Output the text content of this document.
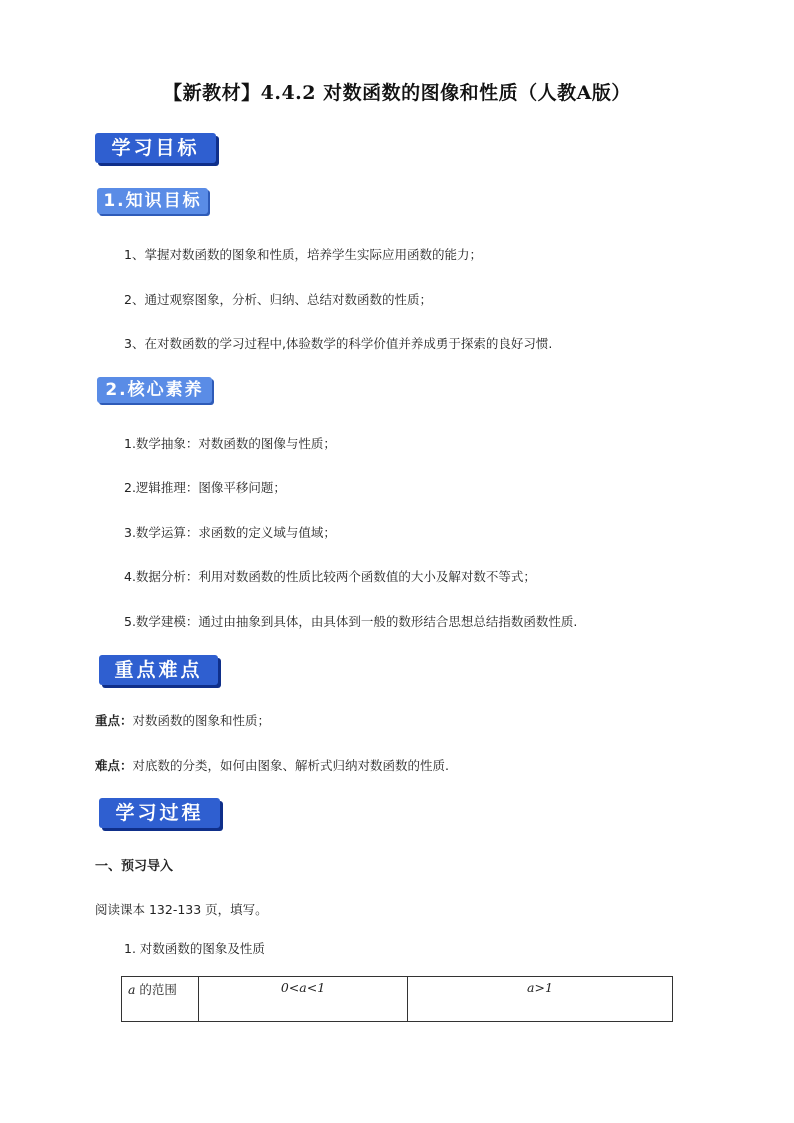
【新教材】4.4.2 对数函数的图像和性质（人教A版）
学习目标
1.知识目标
1、掌握对数函数的图象和性质，培养学生实际应用函数的能力；
2、通过观察图象，分析、归纳、总结对数函数的性质；
3、在对数函数的学习过程中,体验数学的科学价值并养成勇于探索的良好习惯.
2.核心素养
1.数学抽象：对数函数的图像与性质；
2.逻辑推理：图像平移问题；
3.数学运算：求函数的定义域与值域；
4.数据分析：利用对数函数的性质比较两个函数值的大小及解对数不等式；
5.数学建模：通过由抽象到具体，由具体到一般的数形结合思想总结指数函数性质.
重点难点
重点：对数函数的图象和性质；
难点：对底数的分类，如何由图象、解析式归纳对数函数的性质.
学习过程
一、预习导入
阅读课本 132-133 页，填写。
1. 对数函数的图象及性质
a 的范围	0<a<1	a>1
